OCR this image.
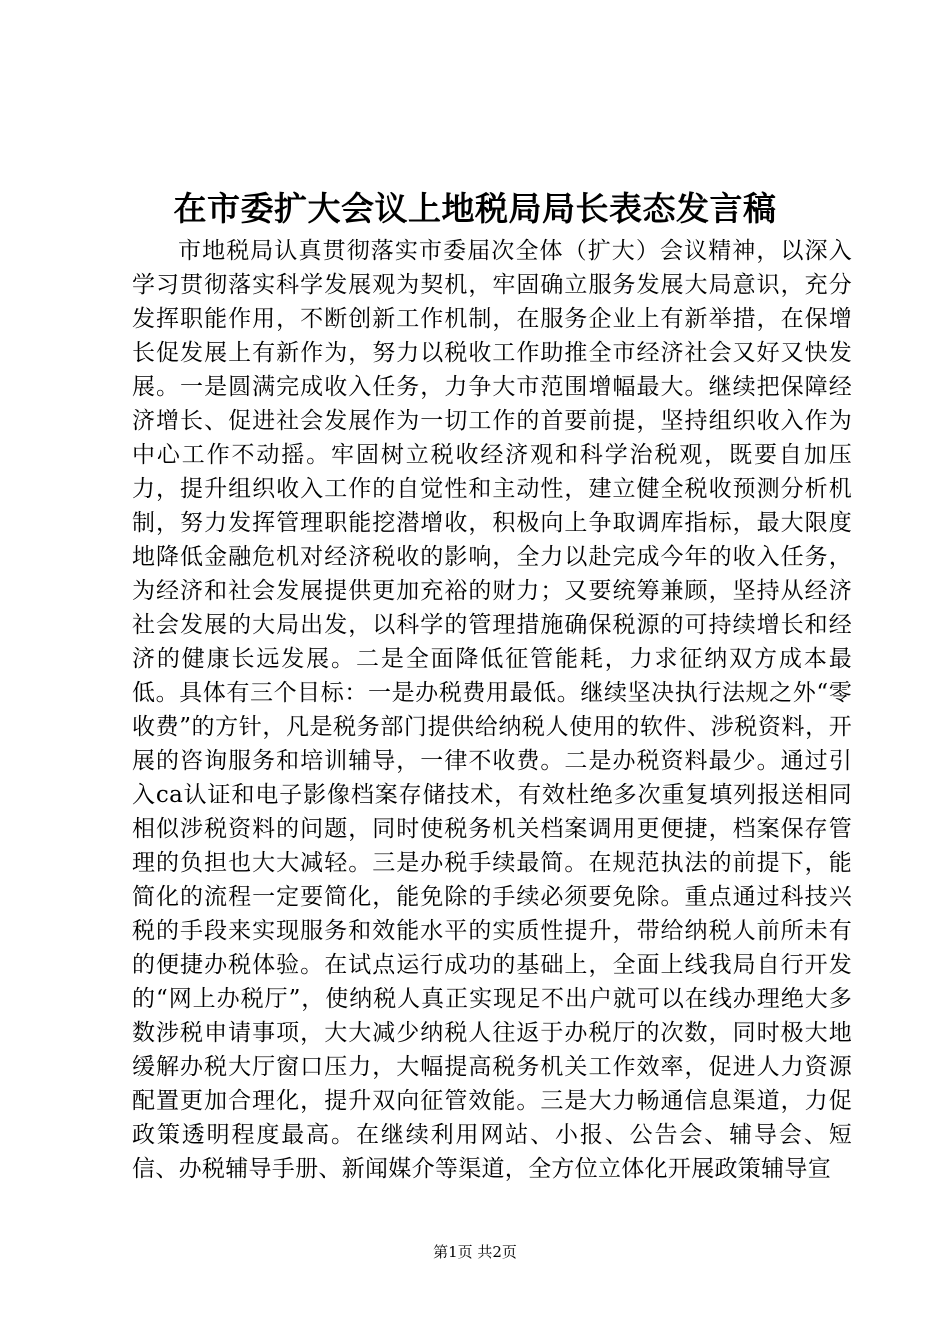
在市委扩大会议上地税局局长表态发言稿

市地税局认真贯彻落实市委届次全体（扩大）会议精神，以深入学习贯彻落实科学发展观为契机，牢固确立服务发展大局意识，充分发挥职能作用，不断创新工作机制，在服务企业上有新举措，在保增长促发展上有新作为，努力以税收工作助推全市经济社会又好又快发展。一是圆满完成收入任务，力争大市范围增幅最大。继续把保障经济增长、促进社会发展作为一切工作的首要前提，坚持组织收入作为中心工作不动摇。牢固树立税收经济观和科学治税观，既要自加压力，提升组织收入工作的自觉性和主动性，建立健全税收预测分析机制，努力发挥管理职能挖潜增收，积极向上争取调库指标，最大限度地降低金融危机对经济税收的影响，全力以赴完成今年的收入任务，为经济和社会发展提供更加充裕的财力；又要统筹兼顾，坚持从经济社会发展的大局出发，以科学的管理措施确保税源的可持续增长和经济的健康长远发展。二是全面降低征管能耗，力求征纳双方成本最低。具体有三个目标：一是办税费用最低。继续坚决执行法规之外“零收费”的方针，凡是税务部门提供给纳税人使用的软件、涉税资料，开展的咨询服务和培训辅导，一律不收费。二是办税资料最少。通过引入ca认证和电子影像档案存储技术，有效杜绝多次重复填列报送相同相似涉税资料的问题，同时使税务机关档案调用更便捷，档案保存管理的负担也大大减轻。三是办税手续最简。在规范执法的前提下，能简化的流程一定要简化，能免除的手续必须要免除。重点通过科技兴税的手段来实现服务和效能水平的实质性提升，带给纳税人前所未有的便捷办税体验。在试点运行成功的基础上，全面上线我局自行开发的“网上办税厅”，使纳税人真正实现足不出户就可以在线办理绝大多数涉税申请事项，大大减少纳税人往返于办税厅的次数，同时极大地缓解办税大厅窗口压力，大幅提高税务机关工作效率，促进人力资源配置更加合理化，提升双向征管效能。三是大力畅通信息渠道，力促政策透明程度最高。在继续利用网站、小报、公告会、辅导会、短信、办税辅导手册、新闻媒介等渠道，全方位立体化开展政策辅导宣

第1页 共2页
